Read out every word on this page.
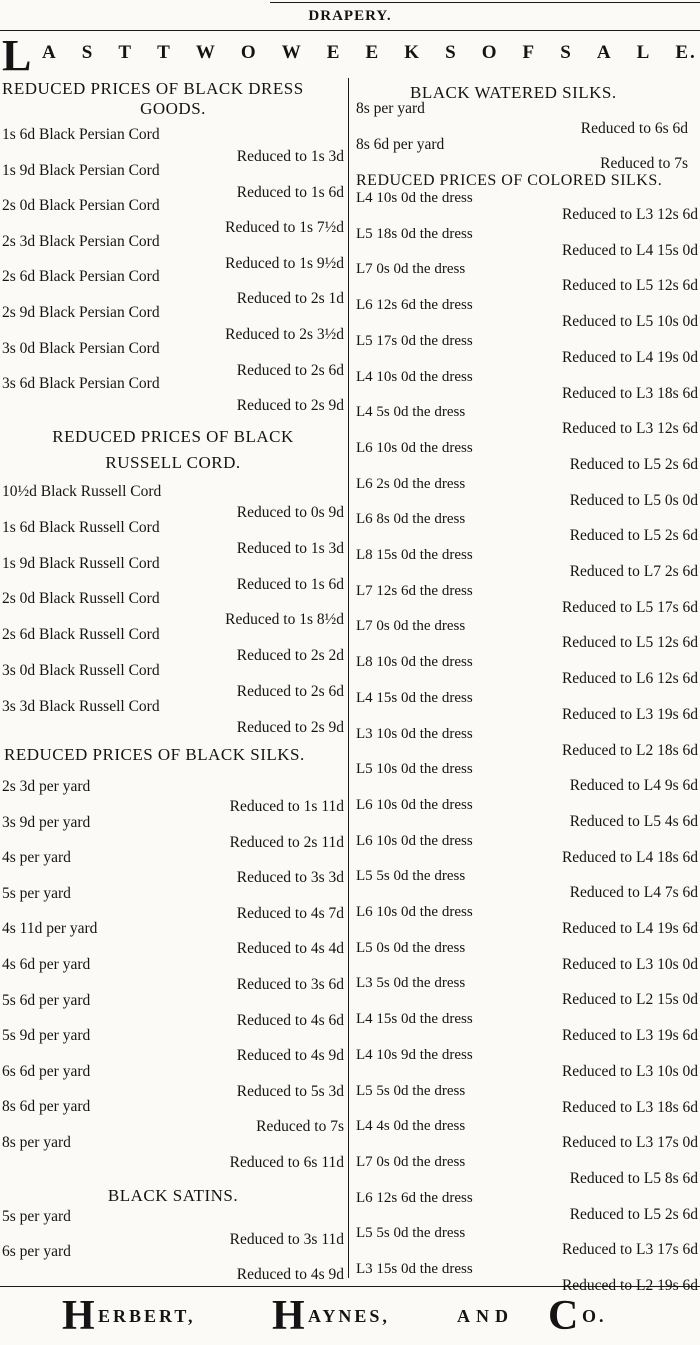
DRAPERY.
L A S T T W O W E E K S O F S A L E.
REDUCED PRICES OF BLACK DRESS
GOODS.
1s 6d Black Persian Cord
1s 9d Black Persian Cord
2s 0d Black Persian Cord
2s 3d Black Persian Cord
2s 6d Black Persian Cord
2s 9d Black Persian Cord
3s 0d Black Persian Cord
3s 6d Black Persian Cord
Reduced to 1s 3d
Reduced to 1s 6d
Reduced to 1s 7½d
Reduced to 1s 9½d
Reduced to 2s 1d
Reduced to 2s 3½d
Reduced to 2s 6d
Reduced to 2s 9d
REDUCED PRICES OF BLACK
RUSSELL CORD.
10½d Black Russell Cord
1s 6d Black Russell Cord
1s 9d Black Russell Cord
2s 0d Black Russell Cord
2s 6d Black Russell Cord
3s 0d Black Russell Cord
3s 3d Black Russell Cord
Reduced to 0s 9d
Reduced to 1s 3d
Reduced to 1s 6d
Reduced to 1s 8½d
Reduced to 2s 2d
Reduced to 2s 6d
Reduced to 2s 9d
REDUCED PRICES OF BLACK SILKS.
2s 3d per yard
3s 9d per yard
4s per yard
5s per yard
4s 11d per yard
4s 6d per yard
5s 6d per yard
5s 9d per yard
6s 6d per yard
8s 6d per yard
8s per yard
Reduced to 1s 11d
Reduced to 2s 11d
Reduced to 3s 3d
Reduced to 4s 7d
Reduced to 4s 4d
Reduced to 3s 6d
Reduced to 4s 6d
Reduced to 4s 9d
Reduced to 5s 3d
Reduced to 7s
Reduced to 6s 11d
BLACK SATINS.
5s per yard
6s per yard
Reduced to 3s 11d
Reduced to 4s 9d
BLACK WATERED SILKS.
8s per yard
8s 6d per yard
Reduced to 6s 6d
Reduced to 7s
REDUCED PRICES OF COLORED SILKS.
L4 10s 0d the dress
L5 18s 0d the dress
L7 0s 0d the dress
L6 12s 6d the dress
L5 17s 0d the dress
L4 10s 0d the dress
L4 5s 0d the dress
L6 10s 0d the dress
L6 2s 0d the dress
L6 8s 0d the dress
L8 15s 0d the dress
L7 12s 6d the dress
L7 0s 0d the dress
L8 10s 0d the dress
L4 15s 0d the dress
L3 10s 0d the dress
L5 10s 0d the dress
L6 10s 0d the dress
L6 10s 0d the dress
L5 5s 0d the dress
L6 10s 0d the dress
L5 0s 0d the dress
L3 5s 0d the dress
L4 15s 0d the dress
L4 10s 9d the dress
L5 5s 0d the dress
L4 4s 0d the dress
L7 0s 0d the dress
L6 12s 6d the dress
L5 5s 0d the dress
L3 15s 0d the dress
Reduced to L3 12s 6d
Reduced to L4 15s 0d
Reduced to L5 12s 6d
Reduced to L5 10s 0d
Reduced to L4 19s 0d
Reduced to L3 18s 6d
Reduced to L3 12s 6d
Reduced to L5 2s 6d
Reduced to L5 0s 0d
Reduced to L5 2s 6d
Reduced to L7 2s 6d
Reduced to L5 17s 6d
Reduced to L5 12s 6d
Reduced to L6 12s 6d
Reduced to L3 19s 6d
Reduced to L2 18s 6d
Reduced to L4 9s 6d
Reduced to L5 4s 6d
Reduced to L4 18s 6d
Reduced to L4 7s 6d
Reduced to L4 19s 6d
Reduced to L3 10s 0d
Reduced to L2 15s 0d
Reduced to L3 19s 6d
Reduced to L3 10s 0d
Reduced to L3 18s 6d
Reduced to L3 17s 0d
Reduced to L5 8s 6d
Reduced to L5 2s 6d
Reduced to L3 17s 6d
Reduced to L2 19s 6d
H ERBERT, H AYNES,	AND C O.
